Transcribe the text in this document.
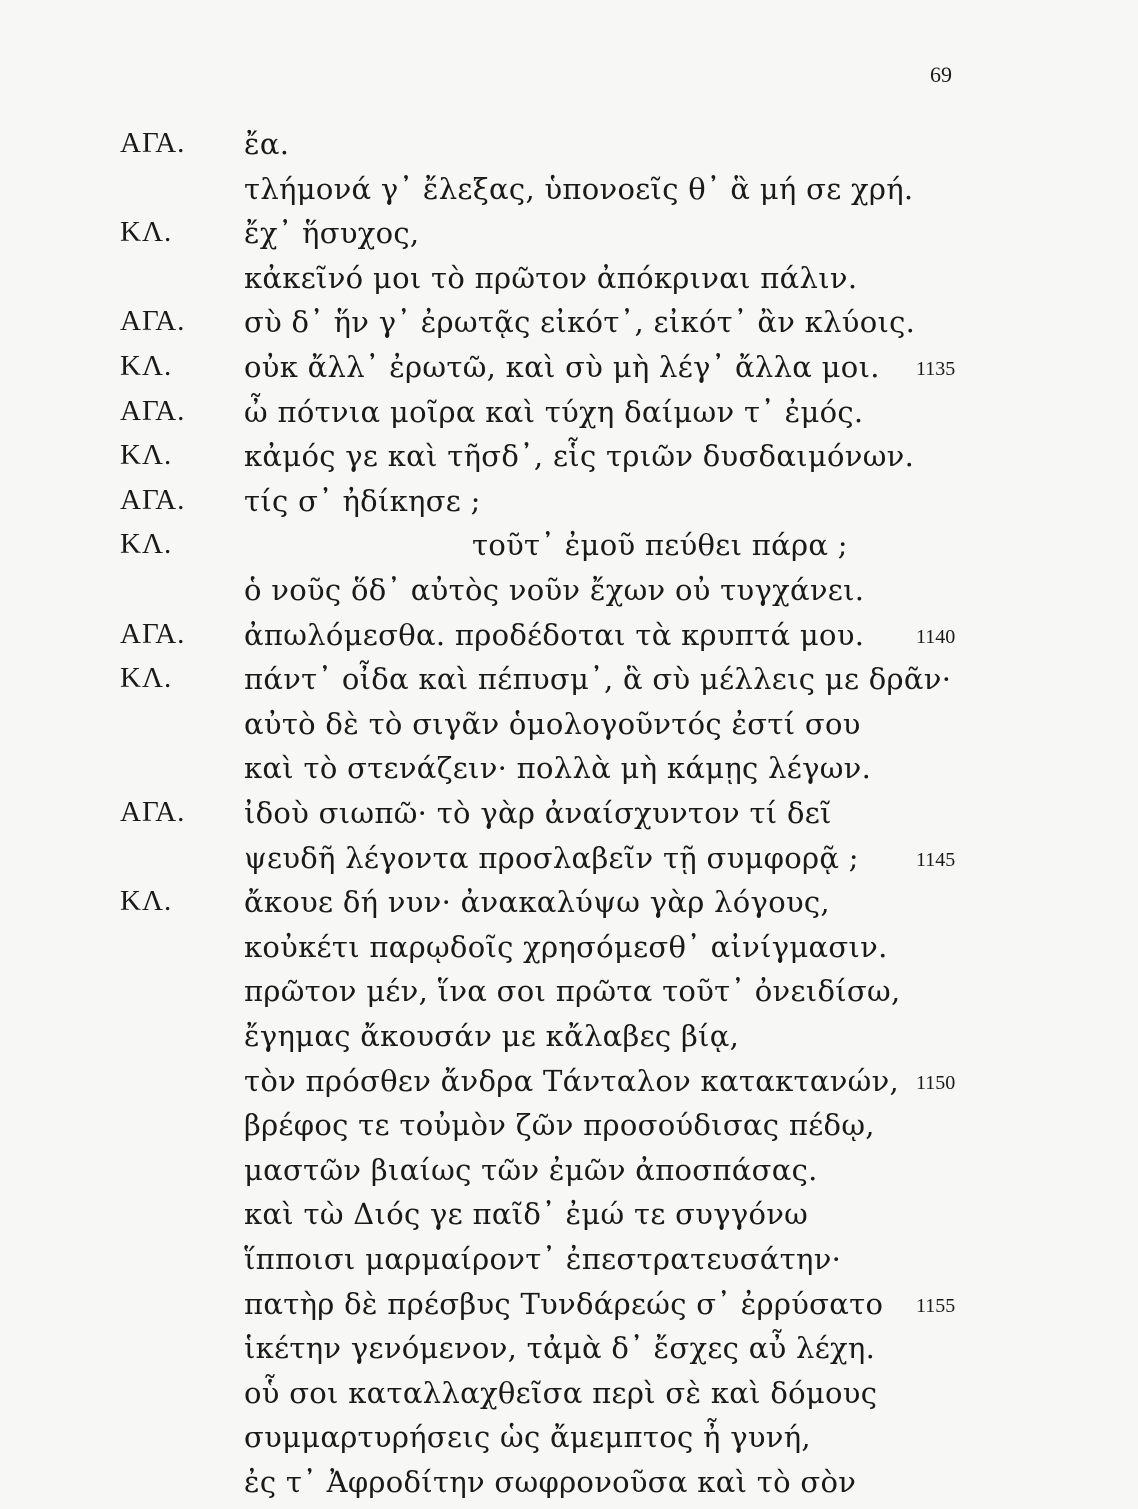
69
ΑΓΑ. ἔα.
τλήμονά γ᾽ ἔλεξας, ὑπονοεῖς θ᾽ ἃ μή σε χρή.
ΚΛ. ἔχ᾽ ἥσυχος,
κἀκεῖνό μοι τὸ πρῶτον ἀπόκριναι πάλιν.
ΑΓΑ. σὺ δ᾽ ἥν γ᾽ ἐρωτᾷς εἰκότ᾽, εἰκότ᾽ ἂν κλύοις.
ΚΛ. οὐκ ἄλλ᾽ ἐρωτῶ, καὶ σὺ μὴ λέγ᾽ ἄλλα μοι. 1135
ΑΓΑ. ὦ πότνια μοῖρα καὶ τύχη δαίμων τ᾽ ἐμός.
ΚΛ. κἀμός γε καὶ τῆσδ᾽, εἷς τριῶν δυσδαιμόνων.
ΑΓΑ. τίς σ᾽ ἠδίκησε ;
ΚΛ.	τοῦτ᾽ ἐμοῦ πεύθει πάρα ;
ὁ νοῦς ὅδ᾽ αὐτὸς νοῦν ἔχων οὐ τυγχάνει.
ΑΓΑ. ἀπωλόμεσθα. προδέδοται τὰ κρυπτά μου.	1140
ΚΛ. πάντ᾽ οἶδα καὶ πέπυσμ᾽, ἃ σὺ μέλλεις με δρᾶν·
αὐτὸ δὲ τὸ σιγᾶν ὁμολογοῦντός ἐστί σου
καὶ τὸ στενάζειν· πολλὰ μὴ κάμῃς λέγων.
ΑΓΑ. ἰδοὺ σιωπῶ· τὸ γὰρ ἀναίσχυντον τί δεῖ
ψευδῆ λέγοντα προσλαβεῖν τῇ συμφορᾷ ;	1145
ΚΛ. ἄκουε δή νυν· ἀνακαλύψω γὰρ λόγους,
κοὐκέτι παρῳδοῖς χρησόμεσθ᾽ αἰνίγμασιν.
πρῶτον μέν, ἵνα σοι πρῶτα τοῦτ᾽ ὀνειδίσω,
ἔγημας ἄκουσάν με κἄλαβες βίᾳ,
τὸν πρόσθεν ἄνδρα Τάνταλον κατακτανών, 1150
βρέφος τε τοὐμὸν ζῶν προσούδισας πέδῳ,
μαστῶν βιαίως τῶν ἐμῶν ἀποσπάσας.
καὶ τὼ Διός γε παῖδ᾽ ἐμώ τε συγγόνω
ἵπποισι μαρμαίροντ᾽ ἐπεστρατευσάτην·
πατὴρ δὲ πρέσβυς Τυνδάρεώς σ᾽ ἐρρύσατο 1155
ἱκέτην γενόμενον, τἀμὰ δ᾽ ἔσχες αὖ λέχη.
οὗ σοι καταλλαχθεῖσα περὶ σὲ καὶ δόμους
συμμαρτυρήσεις ὡς ἄμεμπτος ἦ γυνή,
ἐς τ᾽ Ἀφροδίτην σωφρονοῦσα καὶ τὸ σὸν
